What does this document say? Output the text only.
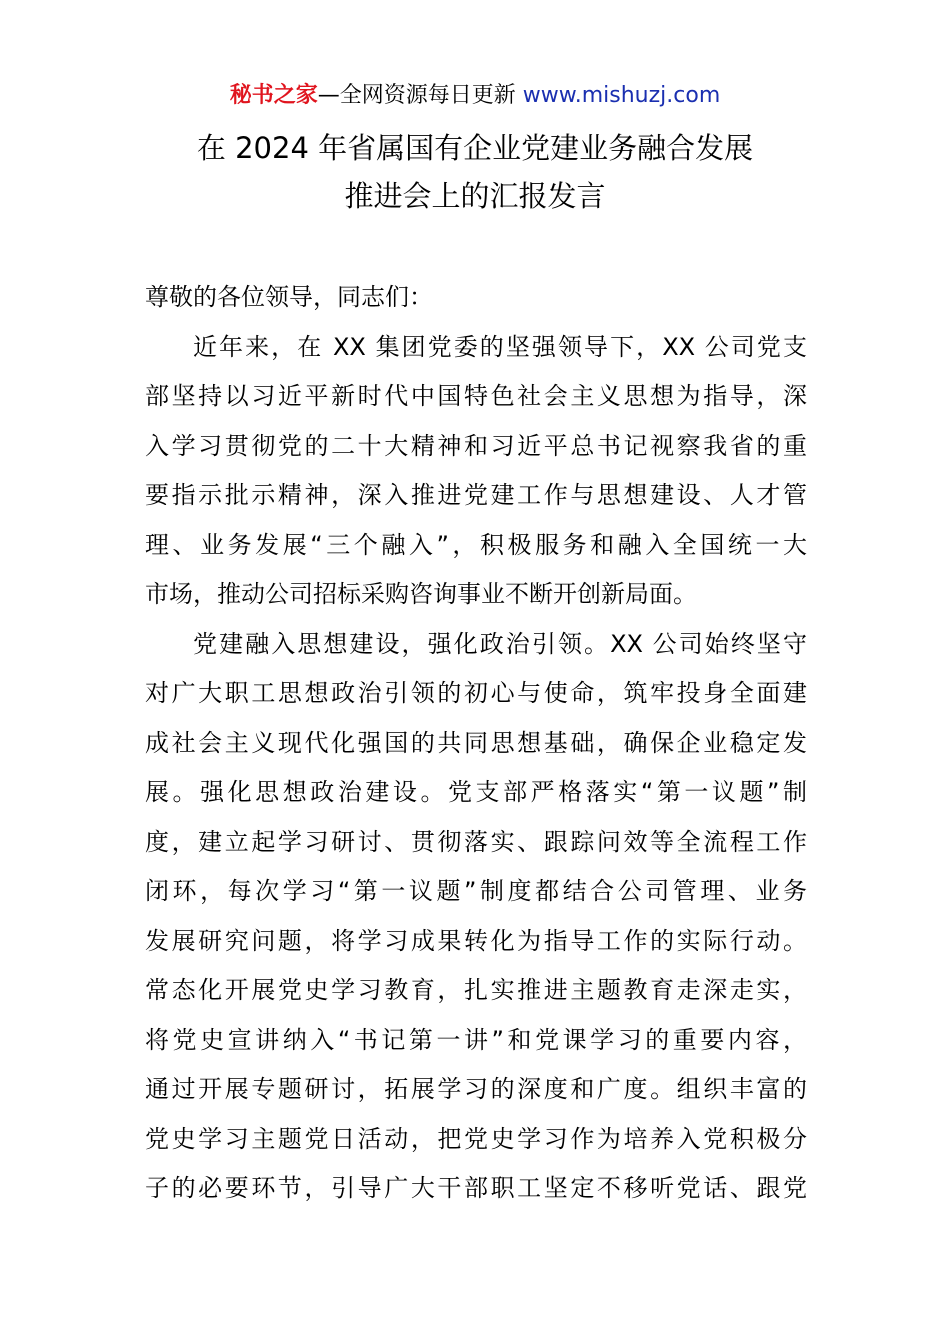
秘书之家—全网资源每日更新 www.mishuzj.com
在 2024 年省属国有企业党建业务融合发展
推进会上的汇报发言
尊敬的各位领导，同志们：
近年来，在 XX 集团党委的坚强领导下，XX 公司党支
部坚持以习近平新时代中国特色社会主义思想为指导，深
入学习贯彻党的二十大精神和习近平总书记视察我省的重
要指示批示精神，深入推进党建工作与思想建设、人才管
理、业务发展“三个融入”，积极服务和融入全国统一大
市场，推动公司招标采购咨询事业不断开创新局面。
党建融入思想建设，强化政治引领。XX 公司始终坚守
对广大职工思想政治引领的初心与使命，筑牢投身全面建
成社会主义现代化强国的共同思想基础，确保企业稳定发
展。强化思想政治建设。党支部严格落实“第一议题”制
度，建立起学习研讨、贯彻落实、跟踪问效等全流程工作
闭环，每次学习“第一议题”制度都结合公司管理、业务
发展研究问题，将学习成果转化为指导工作的实际行动。
常态化开展党史学习教育，扎实推进主题教育走深走实，
将党史宣讲纳入“书记第一讲”和党课学习的重要内容，
通过开展专题研讨，拓展学习的深度和广度。组织丰富的
党史学习主题党日活动，把党史学习作为培养入党积极分
子的必要环节，引导广大干部职工坚定不移听党话、跟党
